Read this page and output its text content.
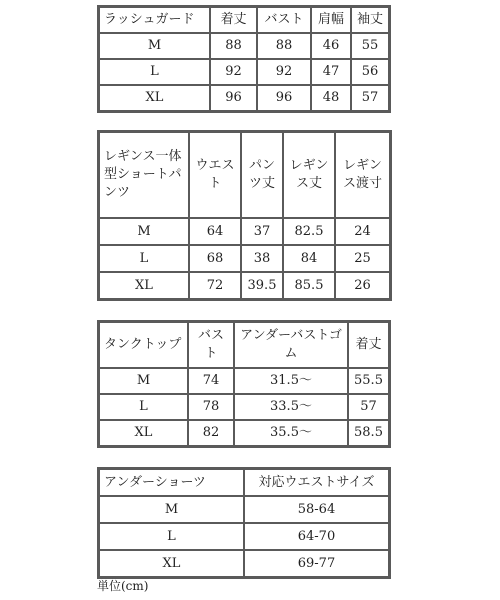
ラッシュガード	着丈	バスト	肩幅	袖丈
M	88	88	46	55
L	92	92	47	56
XL	96	96	48	57
レギンス一体型ショートパンツ	ウエスト	パンツ丈	レギンス丈	レギンス渡寸
M	64	37	82.5	24
L	68	38	84	25
XL	72	39.5	85.5	26
タンクトップ	バスト	アンダーバストゴム	着丈
M	74	31.5～	55.5
L	78	33.5～	57
XL	82	35.5～	58.5
アンダーショーツ	対応ウエストサイズ
M	58-64
L	64-70
XL	69-77
単位(cm)
